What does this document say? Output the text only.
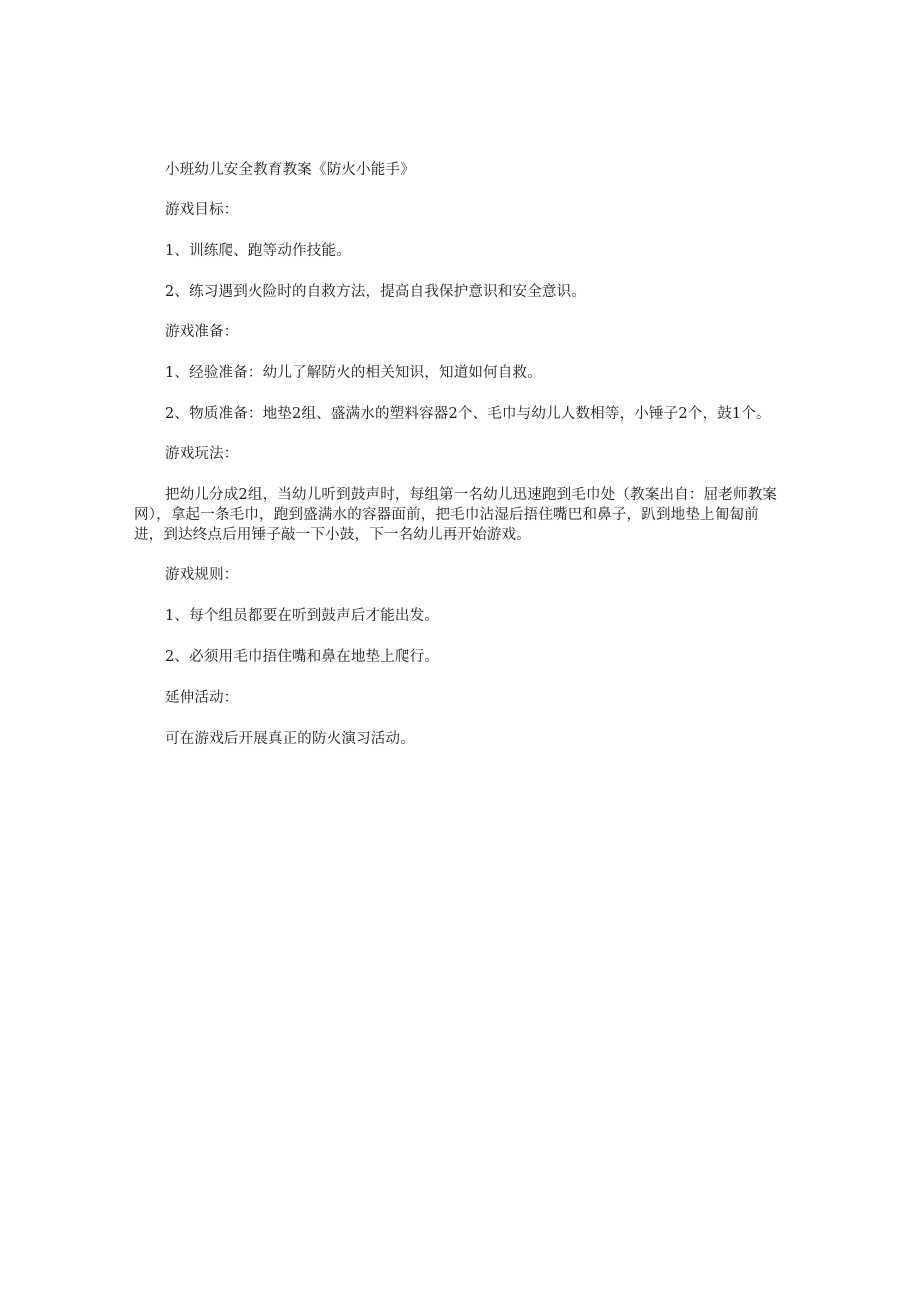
小班幼儿安全教育教案《防火小能手》

游戏目标：

1、训练爬、跑等动作技能。

2、练习遇到火险时的自救方法，提高自我保护意识和安全意识。

游戏准备：

1、经验准备：幼儿了解防火的相关知识，知道如何自救。

2、物质准备：地垫2组、盛满水的塑料容器2个、毛巾与幼儿人数相等，小锤子2个，鼓1个。

游戏玩法：

把幼儿分成2组，当幼儿听到鼓声时，每组第一名幼儿迅速跑到毛巾处（教案出自：屈老师教案网），拿起一条毛巾，跑到盛满水的容器面前，把毛巾沾湿后捂住嘴巴和鼻子，趴到地垫上匍匐前进，到达终点后用锤子敲一下小鼓，下一名幼儿再开始游戏。

游戏规则：

1、每个组员都要在听到鼓声后才能出发。

2、必须用毛巾捂住嘴和鼻在地垫上爬行。

延伸活动：

可在游戏后开展真正的防火演习活动。
